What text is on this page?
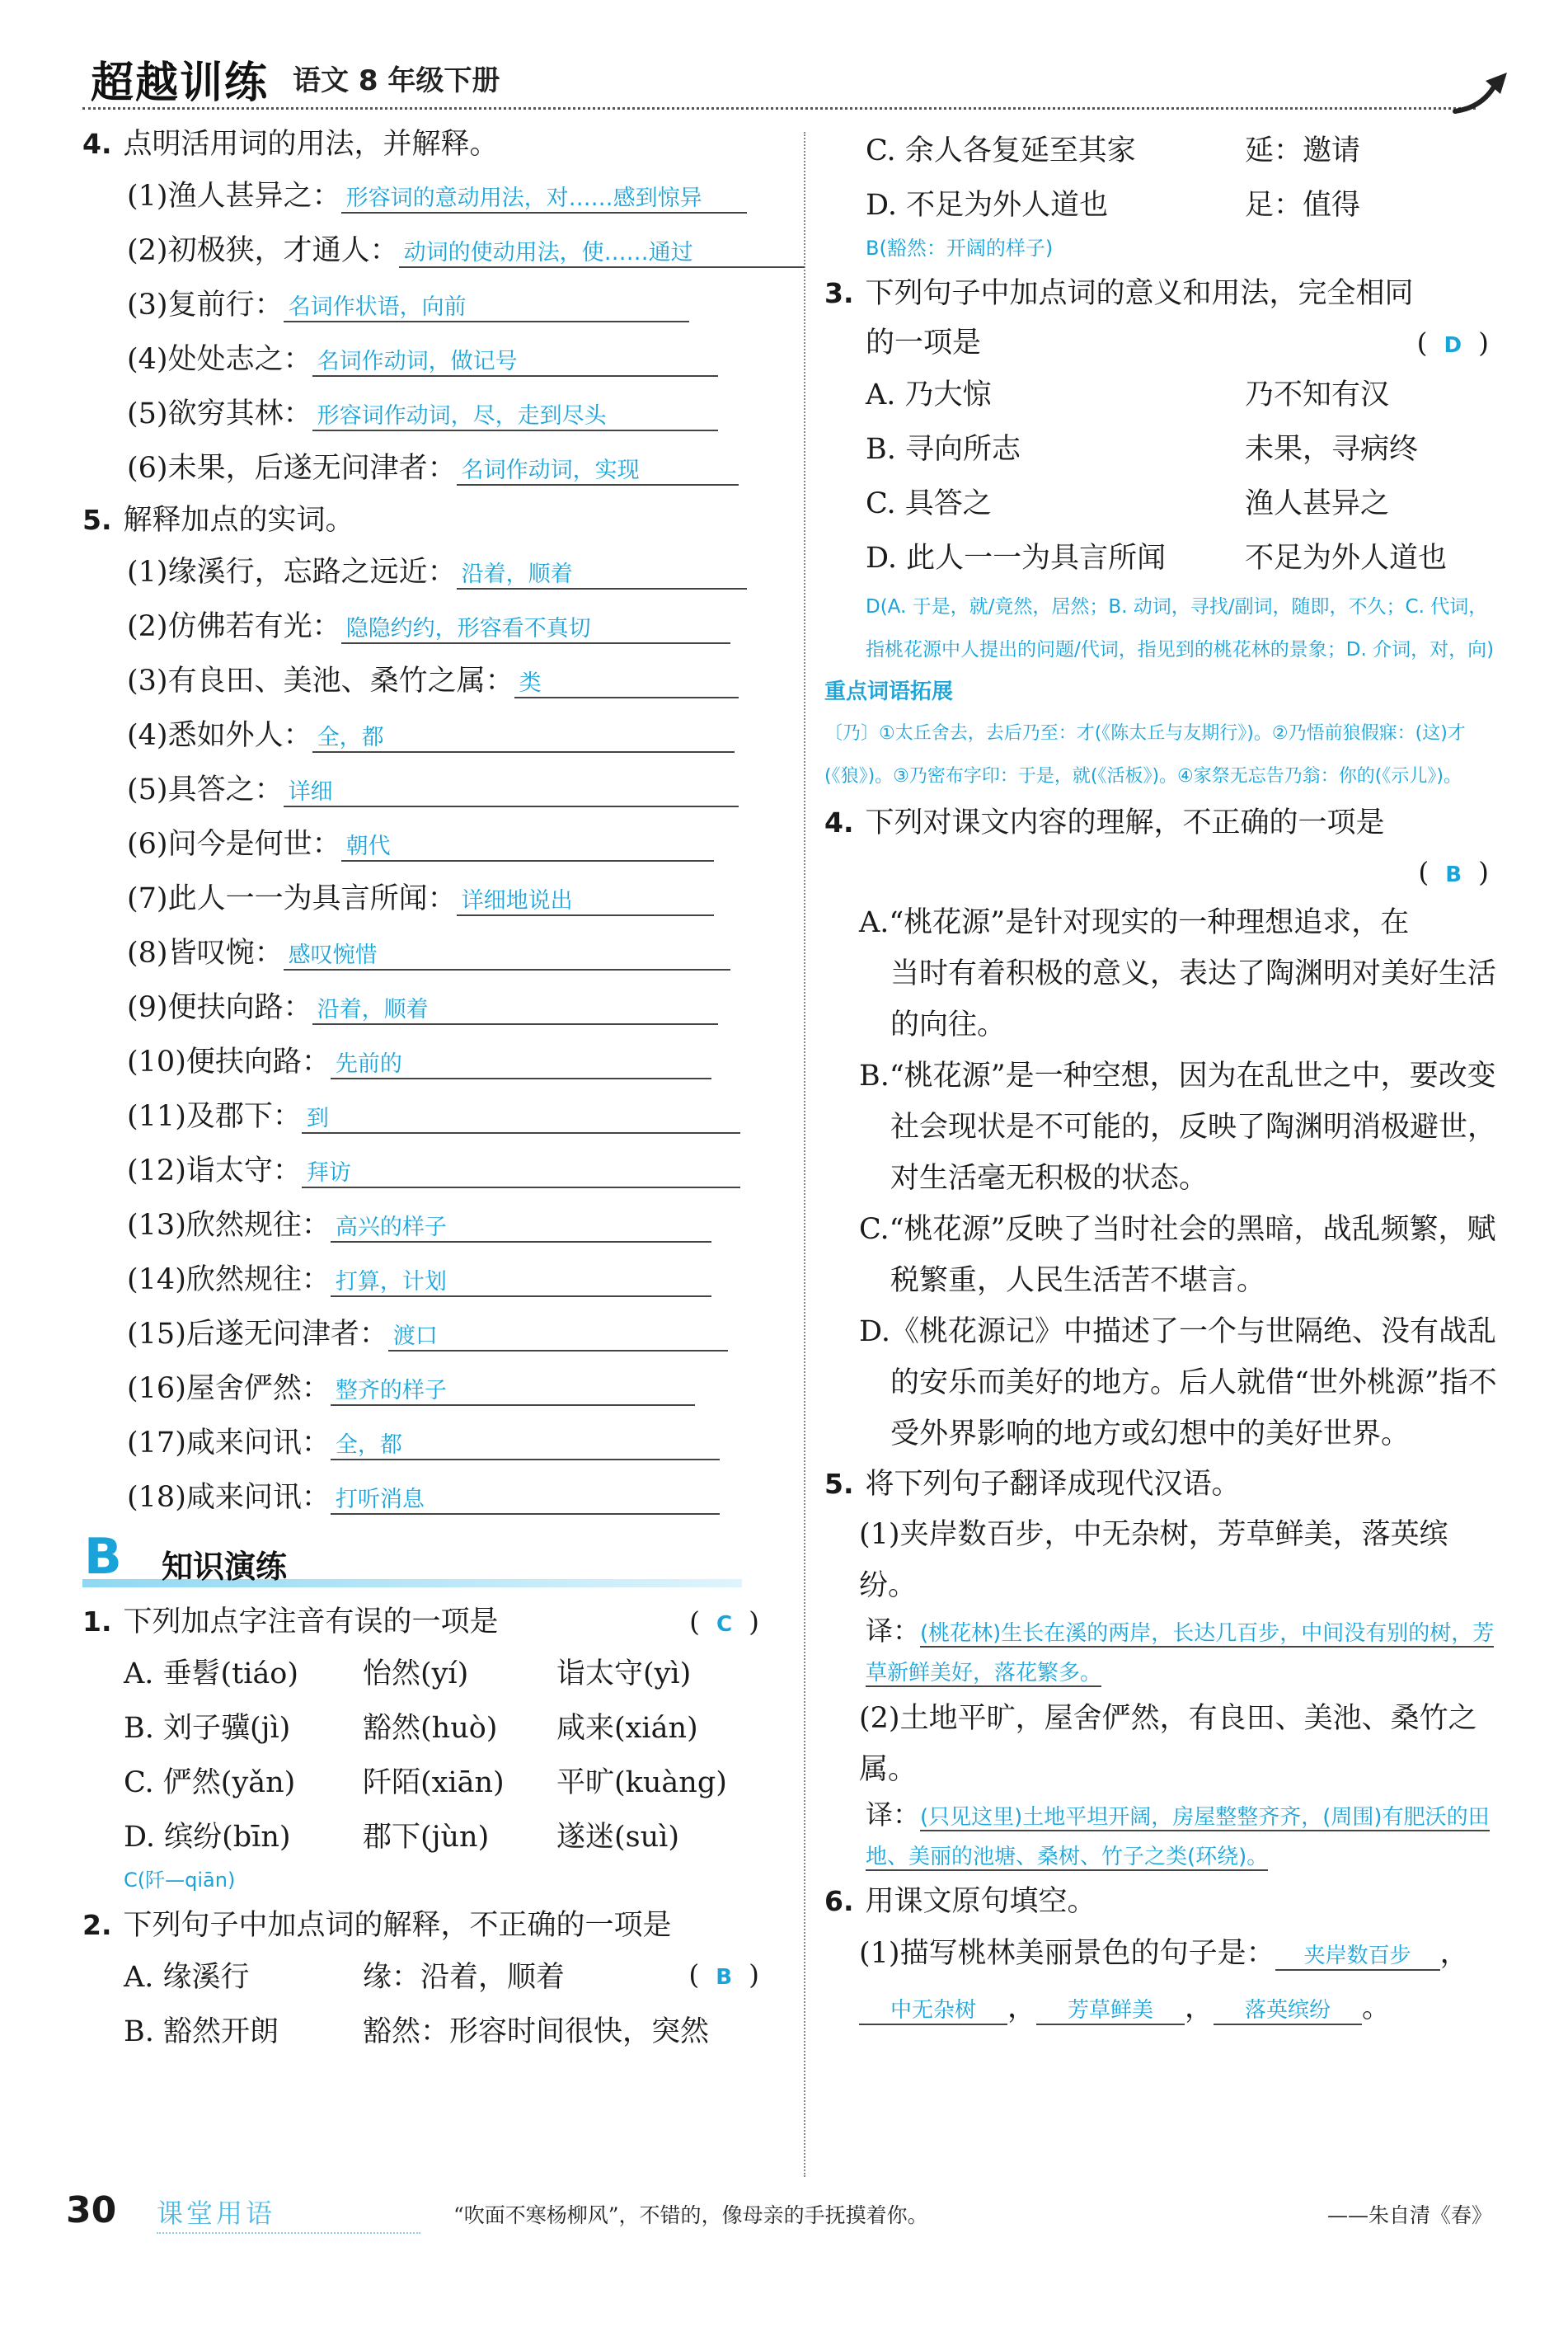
超越训练 语文 8 年级下册

4. 点明活用词的用法，并解释。

(1)渔人甚异之： 形容词的意动用法，对……感到惊异
(2)初极狭，才通人： 动词的使动用法，使……通过
(3)复前行： 名词作状语，向前
(4)处处志之： 名词作动词，做记号
(5)欲穷其林： 形容词作动词，尽，走到尽头
(6)未果，后遂无问津者： 名词作动词，实现

5. 解释加点的实词。

(1)缘溪行，忘路之远近： 沿着，顺着
(2)仿佛若有光： 隐隐约约，形容看不真切
(3)有良田、美池、桑竹之属： 类
(4)悉如外人： 全，都
(5)具答之： 详细
(6)问今是何世： 朝代
(7)此人一一为具言所闻： 详细地说出
(8)皆叹惋： 感叹惋惜
(9)便扶向路： 沿着，顺着
(10)便扶向路： 先前的
(11)及郡下： 到
(12)诣太守： 拜访
(13)欣然规往： 高兴的样子
(14)欣然规往： 打算，计划
(15)后遂无问津者： 渡口
(16)屋舍俨然： 整齐的样子
(17)咸来问讯： 全，都
(18)咸来问讯： 打听消息
B 知识演练

1. 下列加点字注音有误的一项是	( C )

A. 垂髫(tiáo) 怡然(yí)	诣太守(yì)
B. 刘子骥(jì)	豁然(huò) 咸来(xián)
C. 俨然(yǎn) 阡陌(xiān) 平旷(kuàng)
D. 缤纷(bīn) 郡下(jùn) 遂迷(suì)
C(阡—qiān)

2. 下列句子中加点词的解释，不正确的一项是

( B )

A. 缘溪行	缘：沿着，顺着
B. 豁然开朗	豁然：形容时间很快，突然
C. 余人各复延至其家	延：邀请
D. 不足为外人道也	足：值得
B(豁然：开阔的样子)

3. 下列句子中加点词的意义和用法，完全相同

的一项是	( D )

A. 乃大惊	乃不知有汉
B. 寻向所志	未果，寻病终
C. 具答之	渔人甚异之
D. 此人一一为具言所闻	不足为外人道也
D(A. 于是，就/竟然，居然；B. 动词，寻找/副词，随即，不久；C. 代词，指桃花源中人提出的问题/代词，指见到的桃花林的景象；D. 介词，对，向)
重点词语拓展
〔乃〕①太丘舍去，去后乃至：才(《陈太丘与友期行》)。②乃悟前狼假寐：(这)才(《狼》)。③乃密布字印：于是，就(《活板》)。④家祭无忘告乃翁：你的(《示儿》)。

4. 下列对课文内容的理解，不正确的一项是

( B )

A.“桃花源”是针对现实的一种理想追求，在当时有着积极的意义，表达了陶渊明对美好生活的向往。
B.“桃花源”是一种空想，因为在乱世之中，要改变社会现状是不可能的，反映了陶渊明消极避世，对生活毫无积极的状态。
C.“桃花源”反映了当时社会的黑暗，战乱频繁，赋税繁重，人民生活苦不堪言。
D.《桃花源记》中描述了一个与世隔绝、没有战乱的安乐而美好的地方。后人就借“世外桃源”指不受外界影响的地方或幻想中的美好世界。

5. 将下列句子翻译成现代汉语。

(1)夹岸数百步，中无杂树，芳草鲜美，落英缤纷。
译：(桃花林)生长在溪的两岸，长达几百步，中间没有别的树，芳草新鲜美好，落花繁多。
(2)土地平旷，屋舍俨然，有良田、美池、桑竹之属。
译：(只见这里)土地平坦开阔，房屋整整齐齐，(周围)有肥沃的田地、美丽的池塘、桑树、竹子之类(环绕)。

6. 用课文原句填空。

(1)描写桃林美丽景色的句子是： 夹岸数百步 ，
中无杂树 ， 芳草鲜美 ， 落英缤纷 。
30 课堂用语	“吹面不寒杨柳风”，不错的，像母亲的手抚摸着你。	——朱自清《春》
